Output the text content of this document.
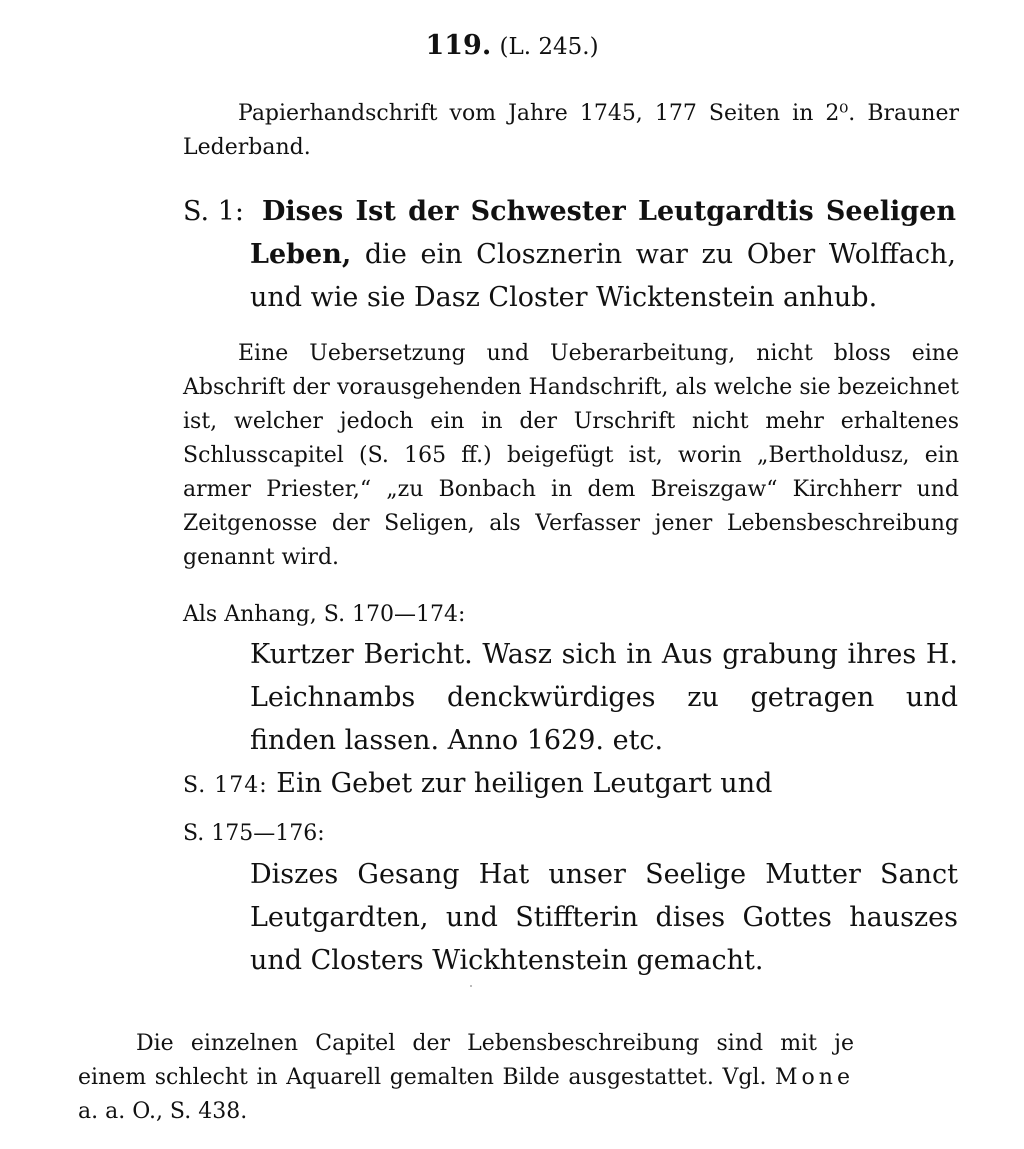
119. (L. 245.)

Papierhandschrift vom Jahre 1745, 177 Seiten in 2⁰. Brauner Lederband.

S. 1: Dises Ist der Schwester Leutgardtis Seeligen Leben, die ein Closznerin war zu Ober Wolffach, und wie sie Dasz Closter Wicktenstein anhub.

Eine Uebersetzung und Ueberarbeitung, nicht bloss eine Abschrift der vorausgehenden Handschrift, als welche sie bezeichnet ist, welcher jedoch ein in der Urschrift nicht mehr erhaltenes Schlusscapitel (S. 165 ff.) beigefügt ist, worin „Bertholdusz, ein armer Priester,“ „zu Bonbach in dem Breiszgaw“ Kirchherr und Zeitgenosse der Seligen, als Verfasser jener Lebensbeschreibung genannt wird.

Als Anhang, S. 170—174:

Kurtzer Bericht. Wasz sich in Aus grabung ihres H. Leichnambs denckwürdiges zu getragen und finden lassen. Anno 1629. etc.

S. 174: Ein Gebet zur heiligen Leutgart und
S. 175—176:

Diszes Gesang Hat unser Seelige Mutter Sanct Leutgardten, und Stiffterin dises Gottes hauszes und Closters Wickhtenstein gemacht.

Die einzelnen Capitel der Lebensbeschreibung sind mit je einem schlecht in Aquarell gemalten Bilde ausgestattet. Vgl. Mone a. a. O., S. 438.
